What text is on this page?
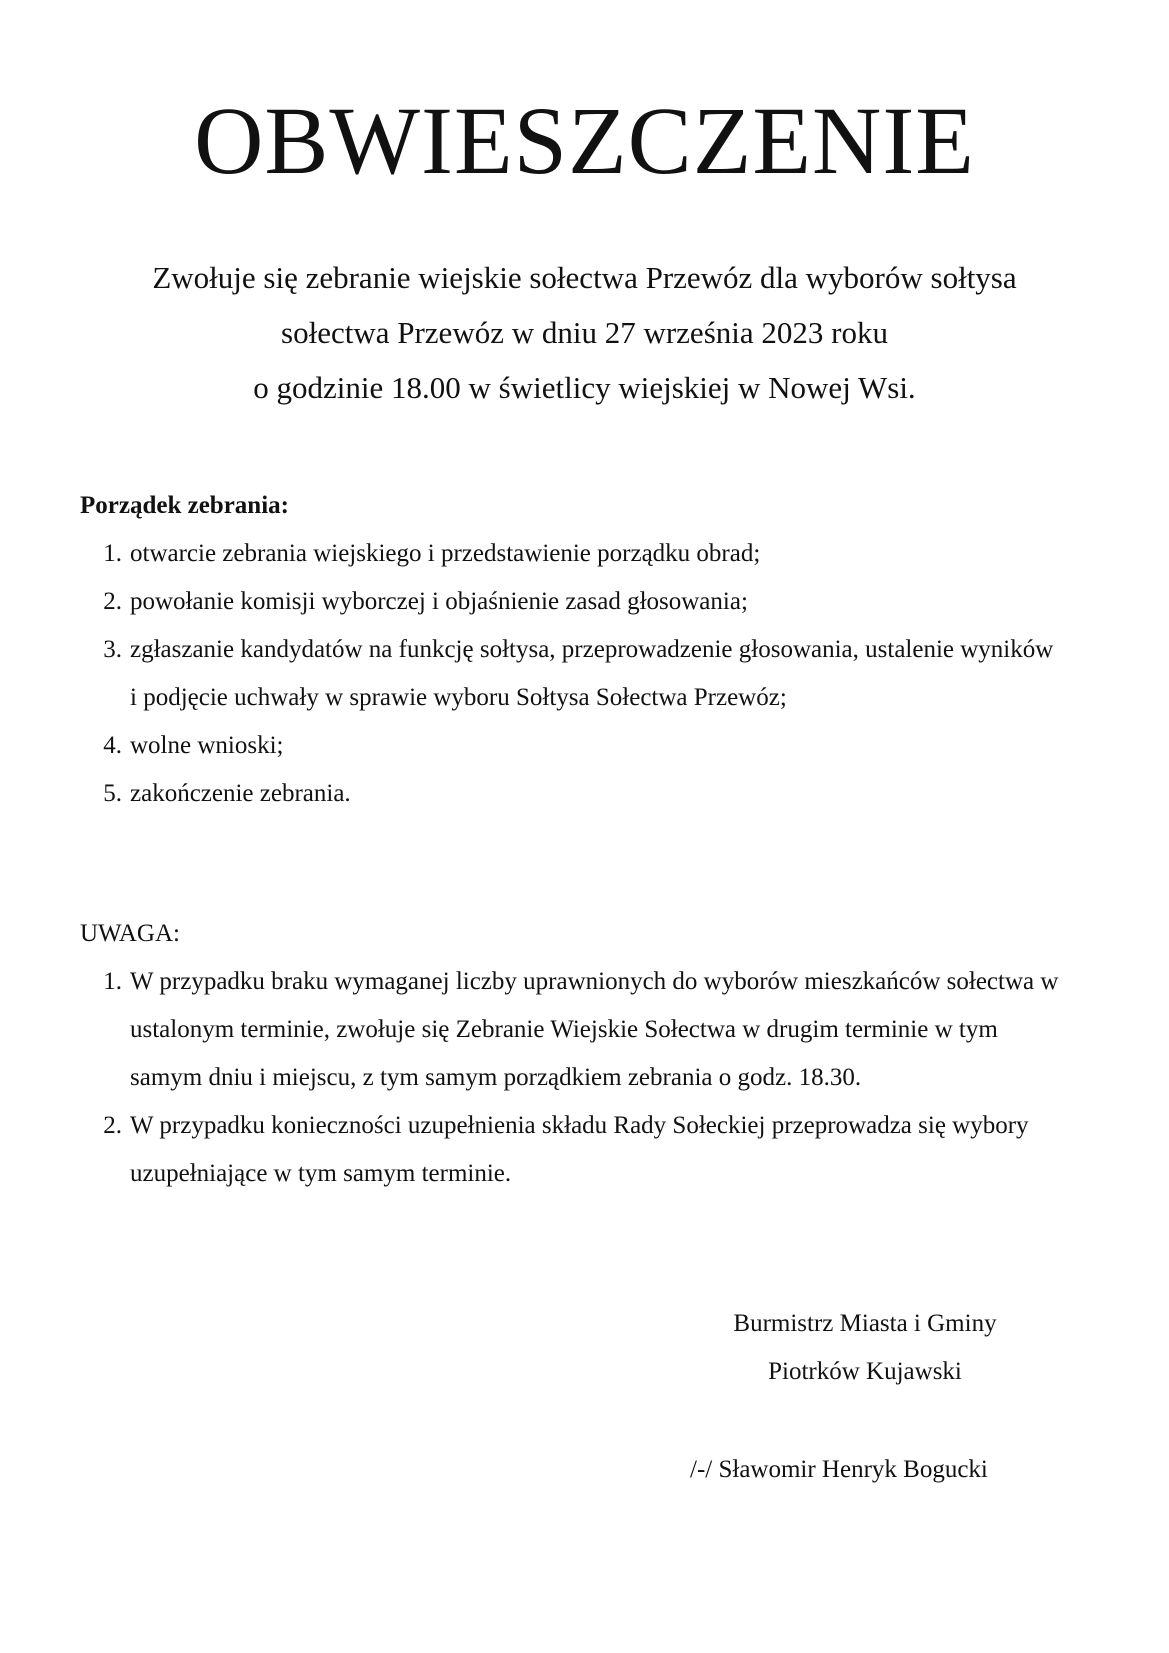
OBWIESZCZENIE

Zwołuje się zebranie wiejskie sołectwa Przewóz dla wyborów sołtysa

sołectwa Przewóz w dniu 27 września 2023 roku

o godzinie 18.00 w świetlicy wiejskiej w Nowej Wsi.

Porządek zebrania:

1. otwarcie zebrania wiejskiego i przedstawienie porządku obrad;
2. powołanie komisji wyborczej i objaśnienie zasad głosowania;
3. zgłaszanie kandydatów na funkcję sołtysa, przeprowadzenie głosowania, ustalenie wyników i podjęcie uchwały w sprawie wyboru Sołtysa Sołectwa Przewóz;
4. wolne wnioski;
5. zakończenie zebrania.

UWAGA:

1. W przypadku braku wymaganej liczby uprawnionych do wyborów mieszkańców sołectwa w ustalonym terminie, zwołuje się Zebranie Wiejskie Sołectwa w drugim terminie w tym samym dniu i miejscu, z tym samym porządkiem zebrania o godz. 18.30.
2. W przypadku konieczności uzupełnienia składu Rady Sołeckiej przeprowadza się wybory uzupełniające w tym samym terminie.

Burmistrz Miasta i Gminy

Piotrków Kujawski

/-/ Sławomir Henryk Bogucki
